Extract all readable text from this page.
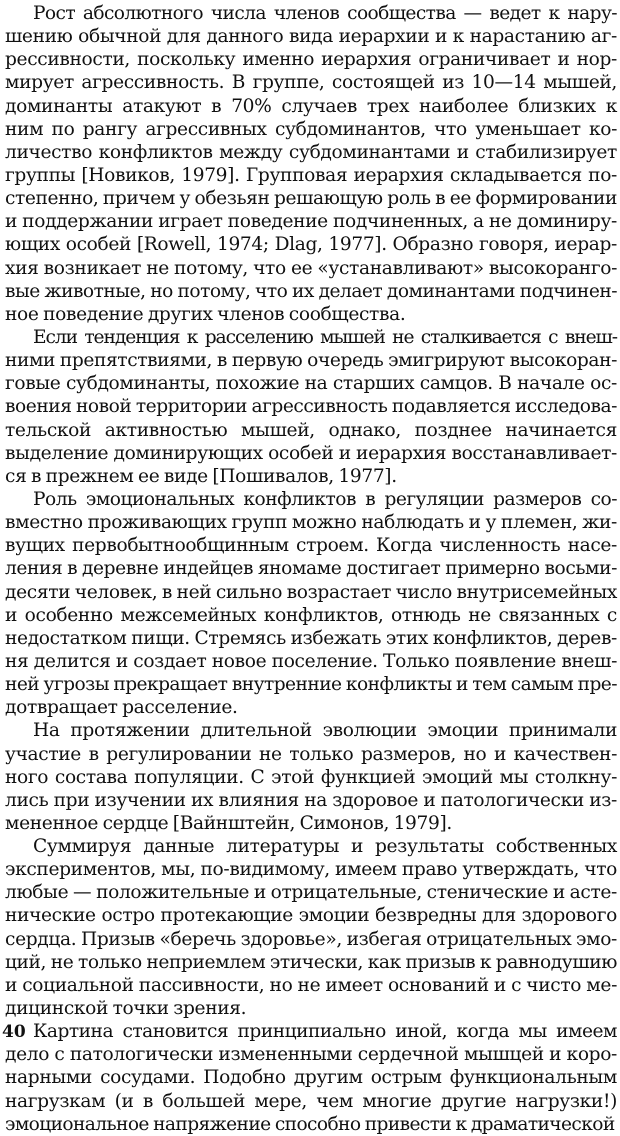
Рост абсолютного числа членов сообщества — ведет к нару-
шению обычной для данного вида иерархии и к нарастанию аг-
рессивности, поскольку именно иерархия ограничивает и нор-
мирует агрессивность. В группе, состоящей из 10—14 мышей,
доминанты атакуют в 70% случаев трех наиболее близких к
ним по рангу агрессивных субдоминантов, что уменьшает ко-
личество конфликтов между субдоминантами и стабилизирует
группы [Новиков, 1979]. Групповая иерархия складывается по-
степенно, причем у обезьян решающую роль в ее формировании
и поддержании играет поведение подчиненных, а не доминиру-
ющих особей [Rowell, 1974; Dlag, 1977]. Образно говоря, иерар-
хия возникает не потому, что ее «устанавливают» высокоранго-
вые животные, но потому, что их делает доминантами подчинен-
ное поведение других членов сообщества.
Если тенденция к расселению мышей не сталкивается с внеш-
ними препятствиями, в первую очередь эмигрируют высокоран-
говые субдоминанты, похожие на старших самцов. В начале ос-
воения новой территории агрессивность подавляется исследова-
тельской активностью мышей, однако, позднее начинается
выделение доминирующих особей и иерархия восстанавливает-
ся в прежнем ее виде [Пошивалов, 1977].
Роль эмоциональных конфликтов в регуляции размеров со-
вместно проживающих групп можно наблюдать и у племен, жи-
вущих первобытнообщинным строем. Когда численность насе-
ления в деревне индейцев яномаме достигает примерно восьми-
десяти человек, в ней сильно возрастает число внутрисемейных
и особенно межсемейных конфликтов, отнюдь не связанных с
недостатком пищи. Стремясь избежать этих конфликтов, дерев-
ня делится и создает новое поселение. Только появление внеш-
ней угрозы прекращает внутренние конфликты и тем самым пре-
дотвращает расселение.
На протяжении длительной эволюции эмоции принимали
участие в регулировании не только размеров, но и качествен-
ного состава популяции. С этой функцией эмоций мы столкну-
лись при изучении их влияния на здоровое и патологически из-
мененное сердце [Вайнштейн, Симонов, 1979].
Суммируя данные литературы и результаты собственных
экспериментов, мы, по-видимому, имеем право утверждать, что
любые — положительные и отрицательные, стенические и асте-
нические остро протекающие эмоции безвредны для здорового
сердца. Призыв «беречь здоровье», избегая отрицательных эмо-
ций, не только неприемлем этически, как призыв к равнодушию
и социальной пассивности, но не имеет оснований и с чисто ме-
дицинской точки зрения.
Картина становится принципиально иной, когда мы имеем
дело с патологически измененными сердечной мышцей и коро-
нарными сосудами. Подобно другим острым функциональным
нагрузкам (и в большей мере, чем многие другие нагрузки!)
эмоциональное напряжение способно привести к драматической
40
